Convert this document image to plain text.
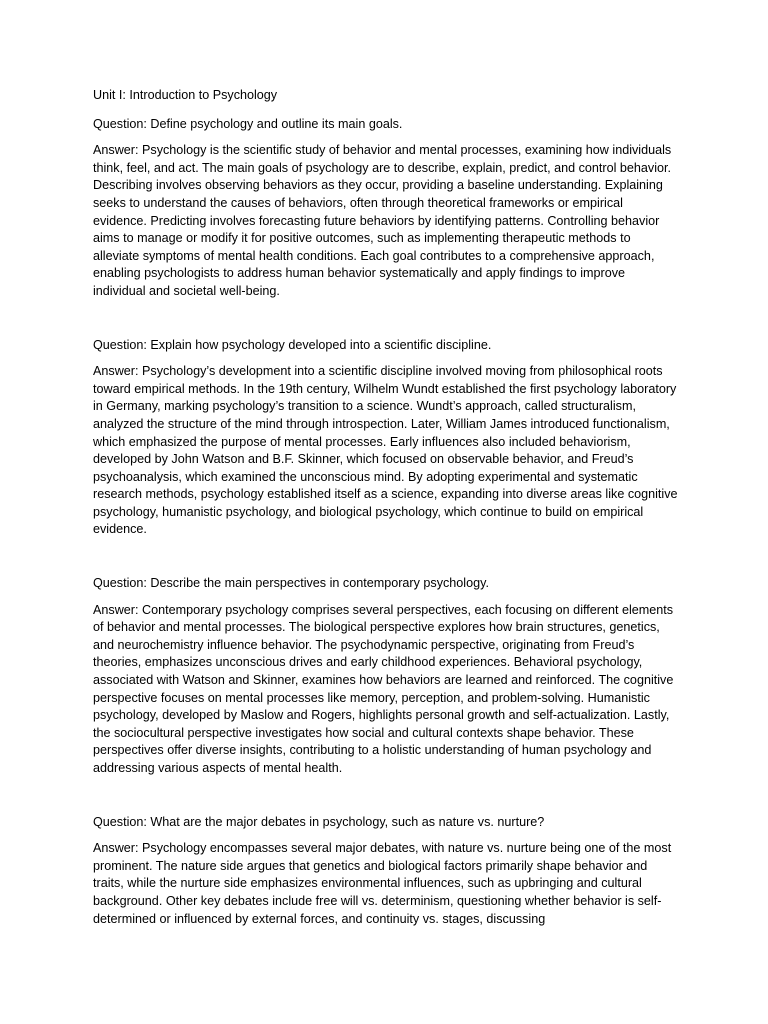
Unit I: Introduction to Psychology

Question: Define psychology and outline its main goals.

Answer: Psychology is the scientific study of behavior and mental processes, examining how individuals think, feel, and act. The main goals of psychology are to describe, explain, predict, and control behavior. Describing involves observing behaviors as they occur, providing a baseline understanding. Explaining seeks to understand the causes of behaviors, often through theoretical frameworks or empirical evidence. Predicting involves forecasting future behaviors by identifying patterns. Controlling behavior aims to manage or modify it for positive outcomes, such as implementing therapeutic methods to alleviate symptoms of mental health conditions. Each goal contributes to a comprehensive approach, enabling psychologists to address human behavior systematically and apply findings to improve individual and societal well-being.

Question: Explain how psychology developed into a scientific discipline.

Answer: Psychology’s development into a scientific discipline involved moving from philosophical roots toward empirical methods. In the 19th century, Wilhelm Wundt established the first psychology laboratory in Germany, marking psychology’s transition to a science. Wundt’s approach, called structuralism, analyzed the structure of the mind through introspection. Later, William James introduced functionalism, which emphasized the purpose of mental processes. Early influences also included behaviorism, developed by John Watson and B.F. Skinner, which focused on observable behavior, and Freud’s psychoanalysis, which examined the unconscious mind. By adopting experimental and systematic research methods, psychology established itself as a science, expanding into diverse areas like cognitive psychology, humanistic psychology, and biological psychology, which continue to build on empirical evidence.

Question: Describe the main perspectives in contemporary psychology.

Answer: Contemporary psychology comprises several perspectives, each focusing on different elements of behavior and mental processes. The biological perspective explores how brain structures, genetics, and neurochemistry influence behavior. The psychodynamic perspective, originating from Freud’s theories, emphasizes unconscious drives and early childhood experiences. Behavioral psychology, associated with Watson and Skinner, examines how behaviors are learned and reinforced. The cognitive perspective focuses on mental processes like memory, perception, and problem-solving. Humanistic psychology, developed by Maslow and Rogers, highlights personal growth and self-actualization. Lastly, the sociocultural perspective investigates how social and cultural contexts shape behavior. These perspectives offer diverse insights, contributing to a holistic understanding of human psychology and addressing various aspects of mental health.

Question: What are the major debates in psychology, such as nature vs. nurture?

Answer: Psychology encompasses several major debates, with nature vs. nurture being one of the most prominent. The nature side argues that genetics and biological factors primarily shape behavior and traits, while the nurture side emphasizes environmental influences, such as upbringing and cultural background. Other key debates include free will vs. determinism, questioning whether behavior is self-determined or influenced by external forces, and continuity vs. stages, discussing
